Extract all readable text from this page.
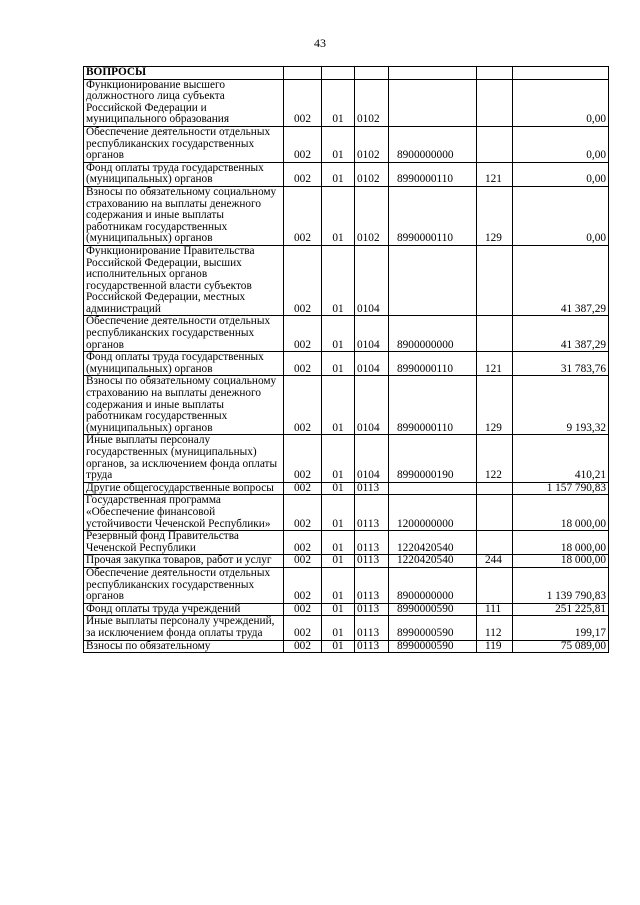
43
ВОПРОСЫ						
Функционирование высшего должностного лица субъекта Российской Федерации и муниципального образования	002	01	0102			0,00
Обеспечение деятельности отдельных республиканских государственных органов	002	01	0102	8900000000		0,00
Фонд оплаты труда государственных (муниципальных) органов	002	01	0102	8990000110	121	0,00
Взносы по обязательному социальному страхованию на выплаты денежного содержания и иные выплаты работникам государственных (муниципальных) органов	002	01	0102	8990000110	129	0,00
Функционирование Правительства Российской Федерации, высших исполнительных органов государственной власти субъектов Российской Федерации, местных администраций	002	01	0104			41 387,29
Обеспечение деятельности отдельных республиканских государственных органов	002	01	0104	8900000000		41 387,29
Фонд оплаты труда государственных (муниципальных) органов	002	01	0104	8990000110	121	31 783,76
Взносы по обязательному социальному страхованию на выплаты денежного содержания и иные выплаты работникам государственных (муниципальных) органов	002	01	0104	8990000110	129	9 193,32
Иные выплаты персоналу государственных (муниципальных) органов, за исключением фонда оплаты труда	002	01	0104	8990000190	122	410,21
Другие общегосударственные вопросы	002	01	0113			1 157 790,83
Государственная программа «Обеспечение финансовой устойчивости Чеченской Республики»	002	01	0113	1200000000		18 000,00
Резервный фонд Правительства Чеченской Республики	002	01	0113	1220420540		18 000,00
Прочая закупка товаров, работ и услуг	002	01	0113	1220420540	244	18 000,00
Обеспечение деятельности отдельных республиканских государственных органов	002	01	0113	8900000000		1 139 790,83
Фонд оплаты труда учреждений	002	01	0113	8990000590	111	251 225,81
Иные выплаты персоналу учреждений, за исключением фонда оплаты труда	002	01	0113	8990000590	112	199,17
Взносы по обязательному	002	01	0113	8990000590	119	75 089,00
